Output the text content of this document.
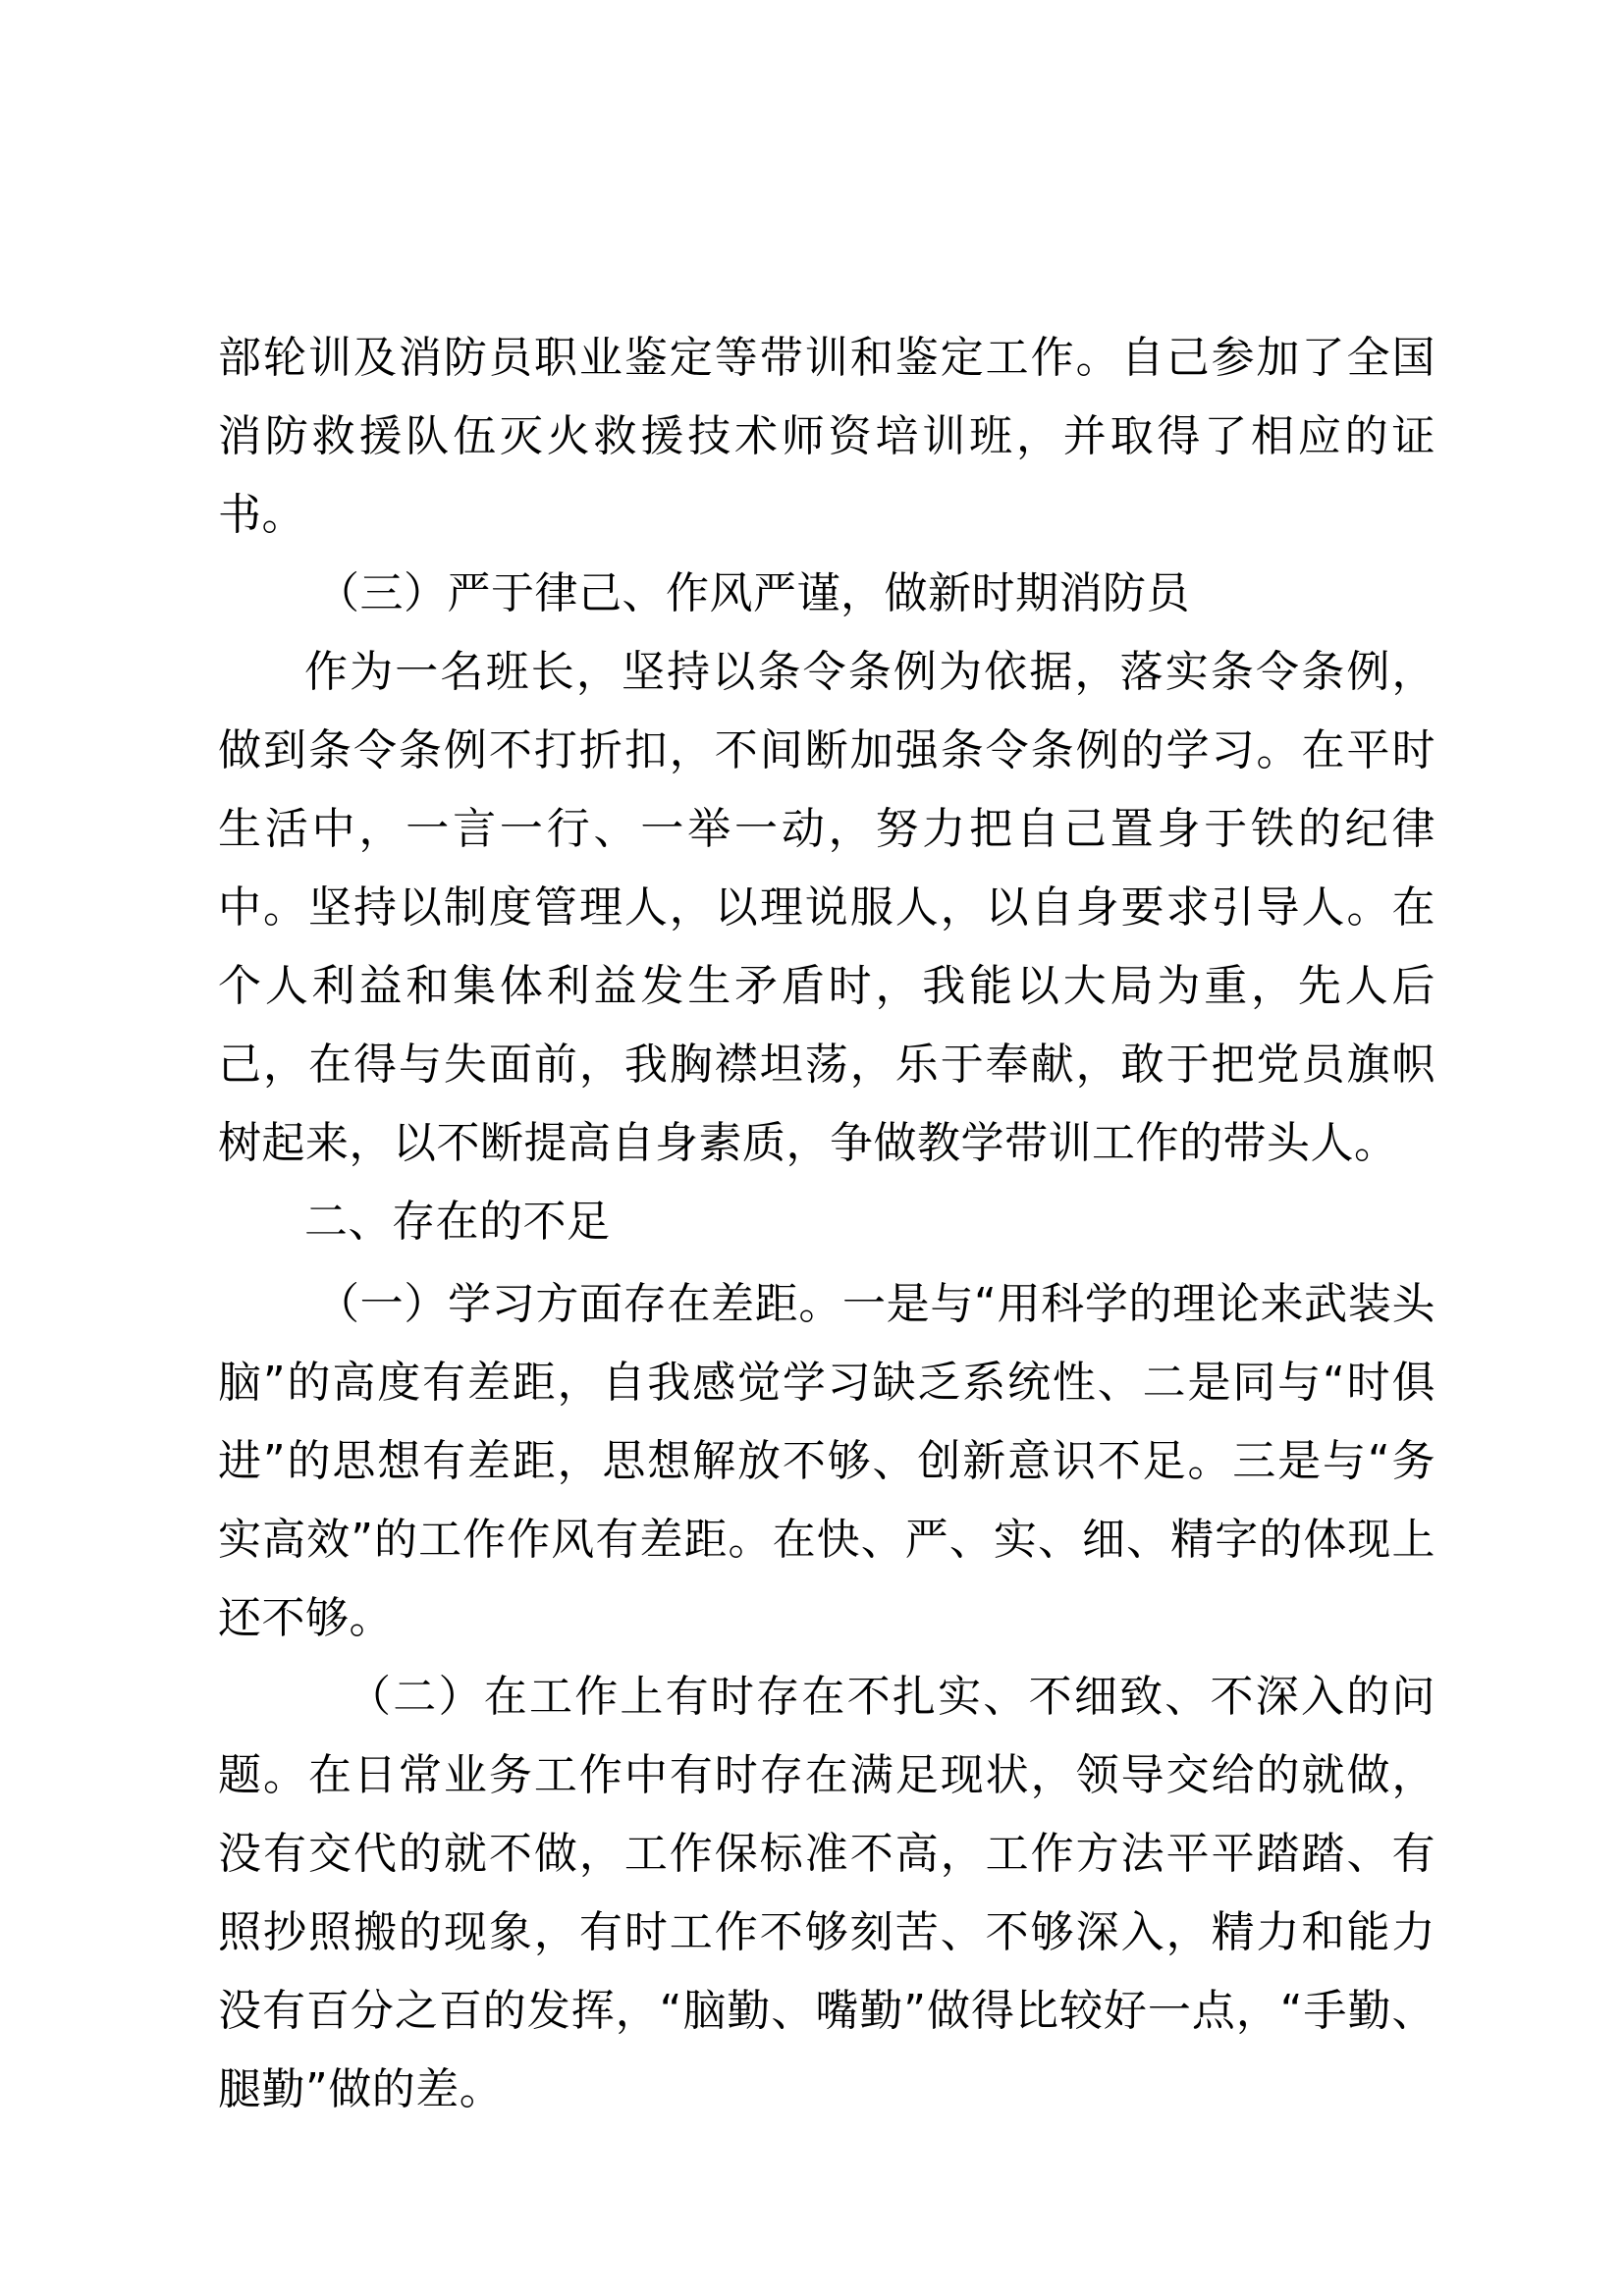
部轮训及消防员职业鉴定等带训和鉴定工作。自己参加了全国消防救援队伍灭火救援技术师资培训班，并取得了相应的证书。

（三）严于律己、作风严谨，做新时期消防员

作为一名班长，坚持以条令条例为依据，落实条令条例，做到条令条例不打折扣，不间断加强条令条例的学习。在平时生活中，一言一行、一举一动，努力把自己置身于铁的纪律中。坚持以制度管理人，以理说服人，以自身要求引导人。在个人利益和集体利益发生矛盾时，我能以大局为重，先人后己，在得与失面前，我胸襟坦荡，乐于奉献，敢于把党员旗帜树起来，以不断提高自身素质，争做教学带训工作的带头人。

二、存在的不足

（一）学习方面存在差距。一是与“用科学的理论来武装头脑”的高度有差距，自我感觉学习缺乏系统性、二是同与“时俱进”的思想有差距，思想解放不够、创新意识不足。三是与“务实高效”的工作作风有差距。在快、严、实、细、精字的体现上还不够。

（二）在工作上有时存在不扎实、不细致、不深入的问题。在日常业务工作中有时存在满足现状，领导交给的就做，没有交代的就不做，工作保标准不高，工作方法平平踏踏、有照抄照搬的现象，有时工作不够刻苦、不够深入，精力和能力没有百分之百的发挥，“脑勤、嘴勤”做得比较好一点，“手勤、腿勤”做的差。
